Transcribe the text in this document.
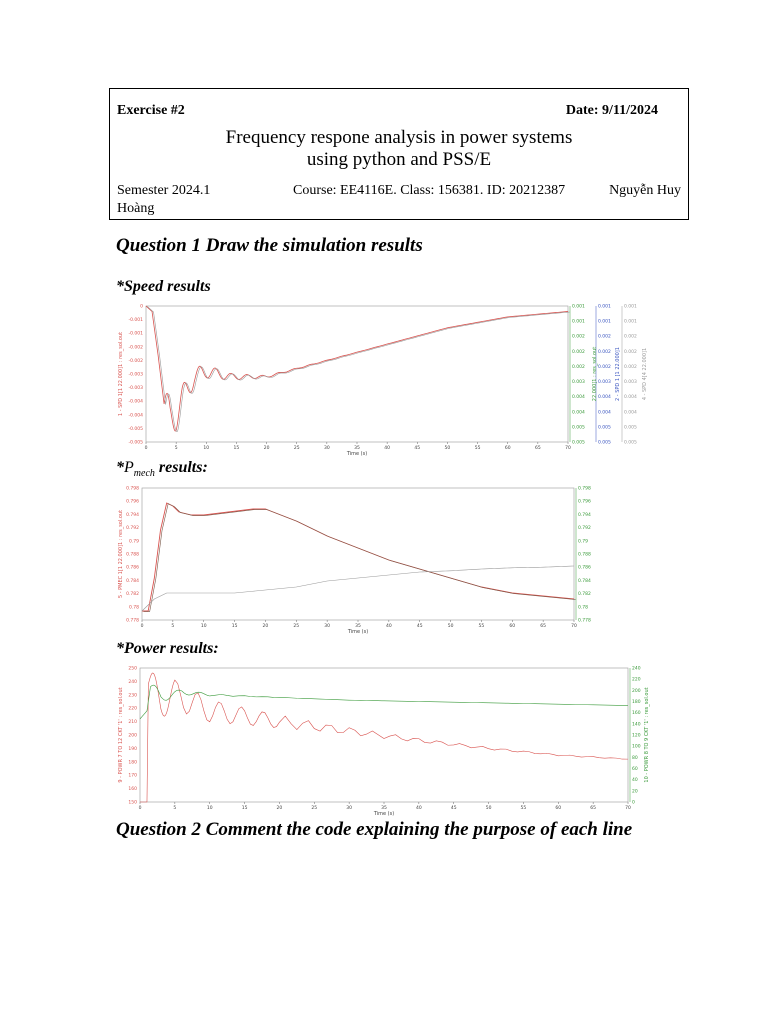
Exercise #2	Date: 9/11/2024
Frequency respone analysis in power systems
using python and PSS/E
Semester 2024.1	Course: EE4116E. Class: 156381. ID: 20212387	Nguyễn Huy
Hoàng
Question 1 Draw the simulation results
*Speed results
0	5	10	15	20	25	30	35	40	45	50	55	60	65	70
Time (s)
0
-0.001
-0.001
-0.002
-0.002
-0.003
-0.003
-0.004
-0.004
-0.005
-0.005
1 - SPD 1[1 22.000]1 : res_sol.out
0.001
0.001
0.002
0.002
0.002
0.003
0.004
0.004
0.005
0.005
0.001
0.001
0.002
0.002
0.002
0.003
0.004
0.004
0.005
0.005
0.001
0.001
0.002
0.002
0.002
0.003
0.004
0.004
0.005
0.005
22.000]1 : res_sol.out	2 - SPD 1 [1 22.000]1	4 - SPD 4[4 22.000]1
$*P_{mech}$ results:
0	5	10	15	20	25	30	35	40	45	50	55	60	65	70
Time (s)
0.798
0.796
0.794
0.792
0.79
0.788
0.786
0.784
0.782
0.78
0.778
5 - PMEC 1[1 22.000]1 : res_sol.out
0.798
0.796
0.794
0.792
0.79
0.788
0.786
0.784
0.782
0.78
0.778
*Power results:
0	5	10	15	20	25	30	35	40	45	50	55	60	65	70
Time (s)
250
240
230
220
210
200
190
180
170
160
150
9 - POWR 7 TO 12 CKT '1' : res_sol.out
240
220
200
180
160
140
120
100
80
60
40
20
0
10 - POWR 8 TO 9 CKT '1' : res_sol.out
Question 2 Comment the code explaining the purpose of each line
